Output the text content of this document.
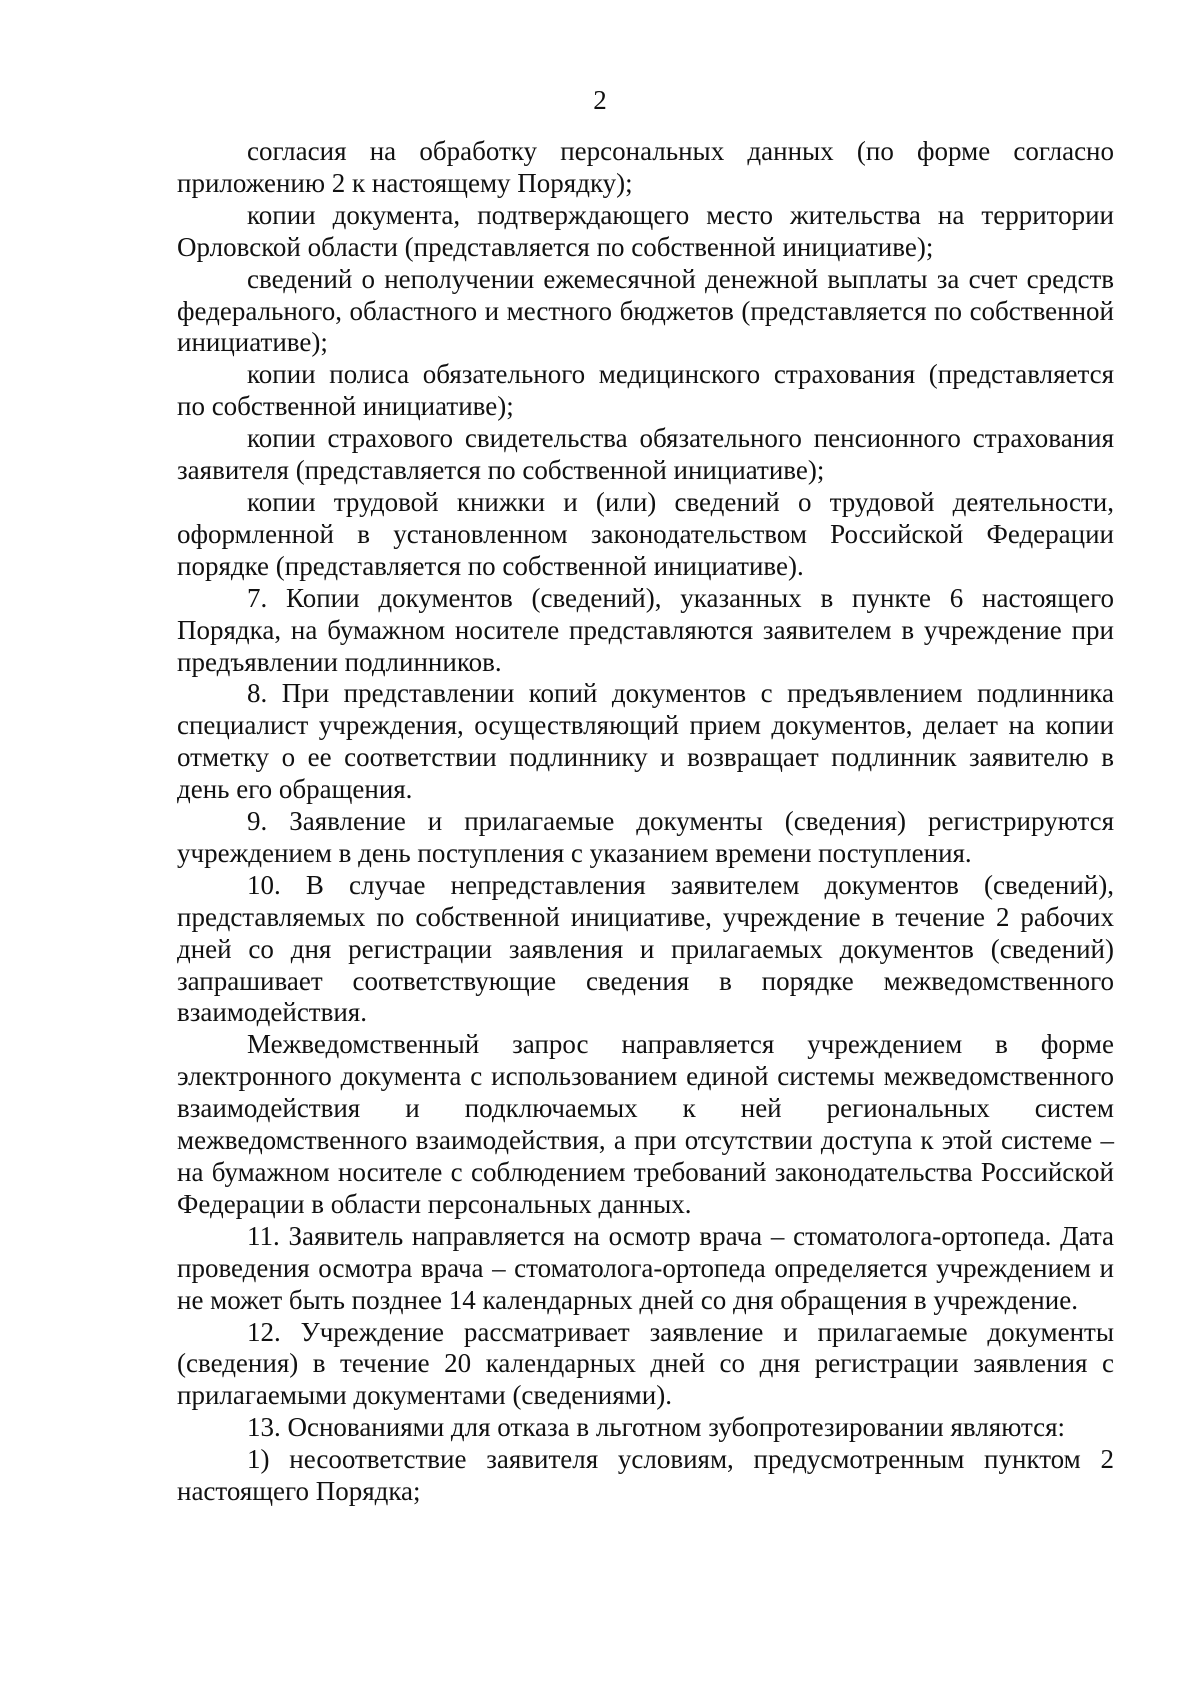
2

согласия на обработку персональных данных (по форме согласно приложению 2 к настоящему Порядку);

копии документа, подтверждающего место жительства на территории Орловской области (представляется по собственной инициативе);

сведений о неполучении ежемесячной денежной выплаты за счет средств федерального, областного и местного бюджетов (представляется по собственной инициативе);

копии полиса обязательного медицинского страхования (представляется по собственной инициативе);

копии страхового свидетельства обязательного пенсионного страхования заявителя (представляется по собственной инициативе);

копии трудовой книжки и (или) сведений о трудовой деятельности, оформленной в установленном законодательством Российской Федерации порядке (представляется по собственной инициативе).

7. Копии документов (сведений), указанных в пункте 6 настоящего Порядка, на бумажном носителе представляются заявителем в учреждение при предъявлении подлинников.

8. При представлении копий документов с предъявлением подлинника специалист учреждения, осуществляющий прием документов, делает на копии отметку о ее соответствии подлиннику и возвращает подлинник заявителю в день его обращения.

9. Заявление и прилагаемые документы (сведения) регистрируются учреждением в день поступления с указанием времени поступления.

10. В случае непредставления заявителем документов (сведений), представляемых по собственной инициативе, учреждение в течение 2 рабочих дней со дня регистрации заявления и прилагаемых документов (сведений) запрашивает соответствующие сведения в порядке межведомственного взаимодействия.

Межведомственный запрос направляется учреждением в форме электронного документа с использованием единой системы межведомственного взаимодействия и подключаемых к ней региональных систем межведомственного взаимодействия, а при отсутствии доступа к этой системе – на бумажном носителе с соблюдением требований законодательства Российской Федерации в области персональных данных.

11. Заявитель направляется на осмотр врача – стоматолога-ортопеда. Дата проведения осмотра врача – стоматолога-ортопеда определяется учреждением и не может быть позднее 14 календарных дней со дня обращения в учреждение.

12. Учреждение рассматривает заявление и прилагаемые документы (сведения) в течение 20 календарных дней со дня регистрации заявления с прилагаемыми документами (сведениями).

13. Основаниями для отказа в льготном зубопротезировании являются:

1) несоответствие заявителя условиям, предусмотренным пунктом 2 настоящего Порядка;
